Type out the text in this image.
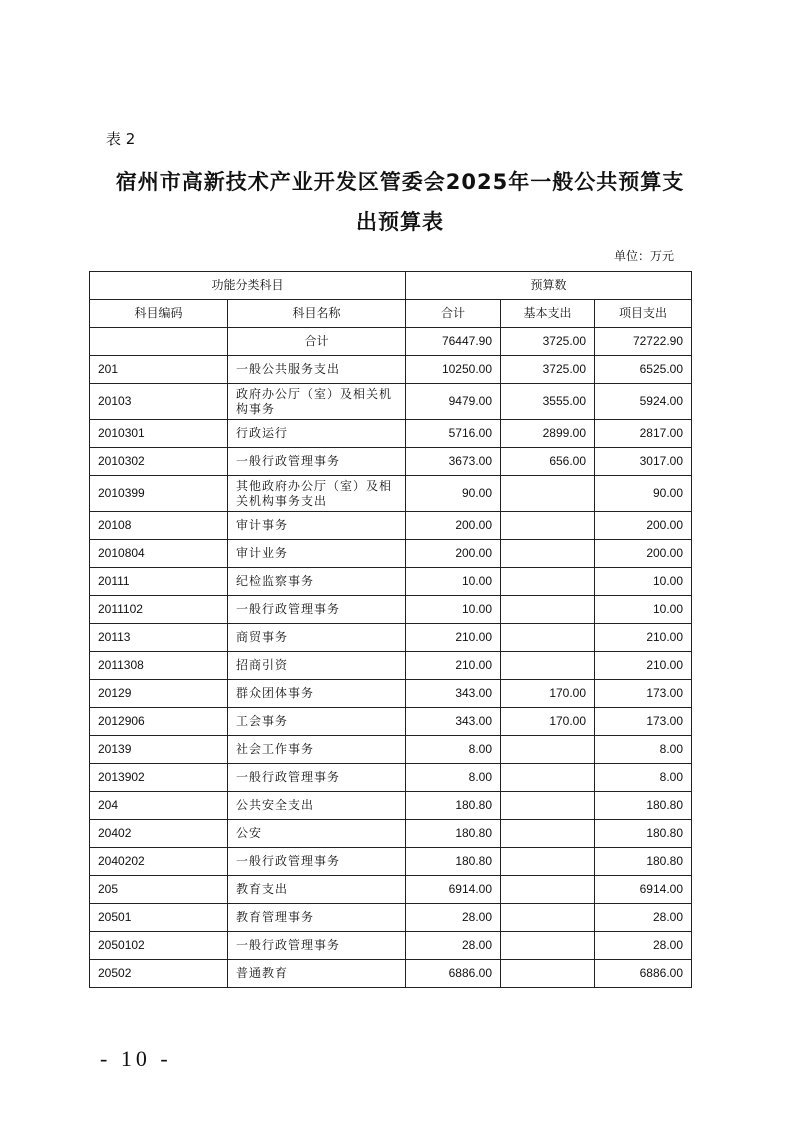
表 2
宿州市高新技术产业开发区管委会2025年一般公共预算支
出预算表
单位：万元
功能分类科目		预算数		
科目编码	科目名称	合计	基本支出	项目支出
	合计	76447.90	3725.00	72722.90
201	一般公共服务支出	10250.00	3725.00	6525.00
20103	政府办公厅（室）及相关机构事务	9479.00	3555.00	5924.00
2010301	行政运行	5716.00	2899.00	2817.00
2010302	一般行政管理事务	3673.00	656.00	3017.00
2010399	其他政府办公厅（室）及相关机构事务支出	90.00		90.00
20108	审计事务	200.00		200.00
2010804	审计业务	200.00		200.00
20111	纪检监察事务	10.00		10.00
2011102	一般行政管理事务	10.00		10.00
20113	商贸事务	210.00		210.00
2011308	招商引资	210.00		210.00
20129	群众团体事务	343.00	170.00	173.00
2012906	工会事务	343.00	170.00	173.00
20139	社会工作事务	8.00		8.00
2013902	一般行政管理事务	8.00		8.00
204	公共安全支出	180.80		180.80
20402	公安	180.80		180.80
2040202	一般行政管理事务	180.80		180.80
205	教育支出	6914.00		6914.00
20501	教育管理事务	28.00		28.00
2050102	一般行政管理事务	28.00		28.00
20502	普通教育	6886.00		6886.00
- 10 -
